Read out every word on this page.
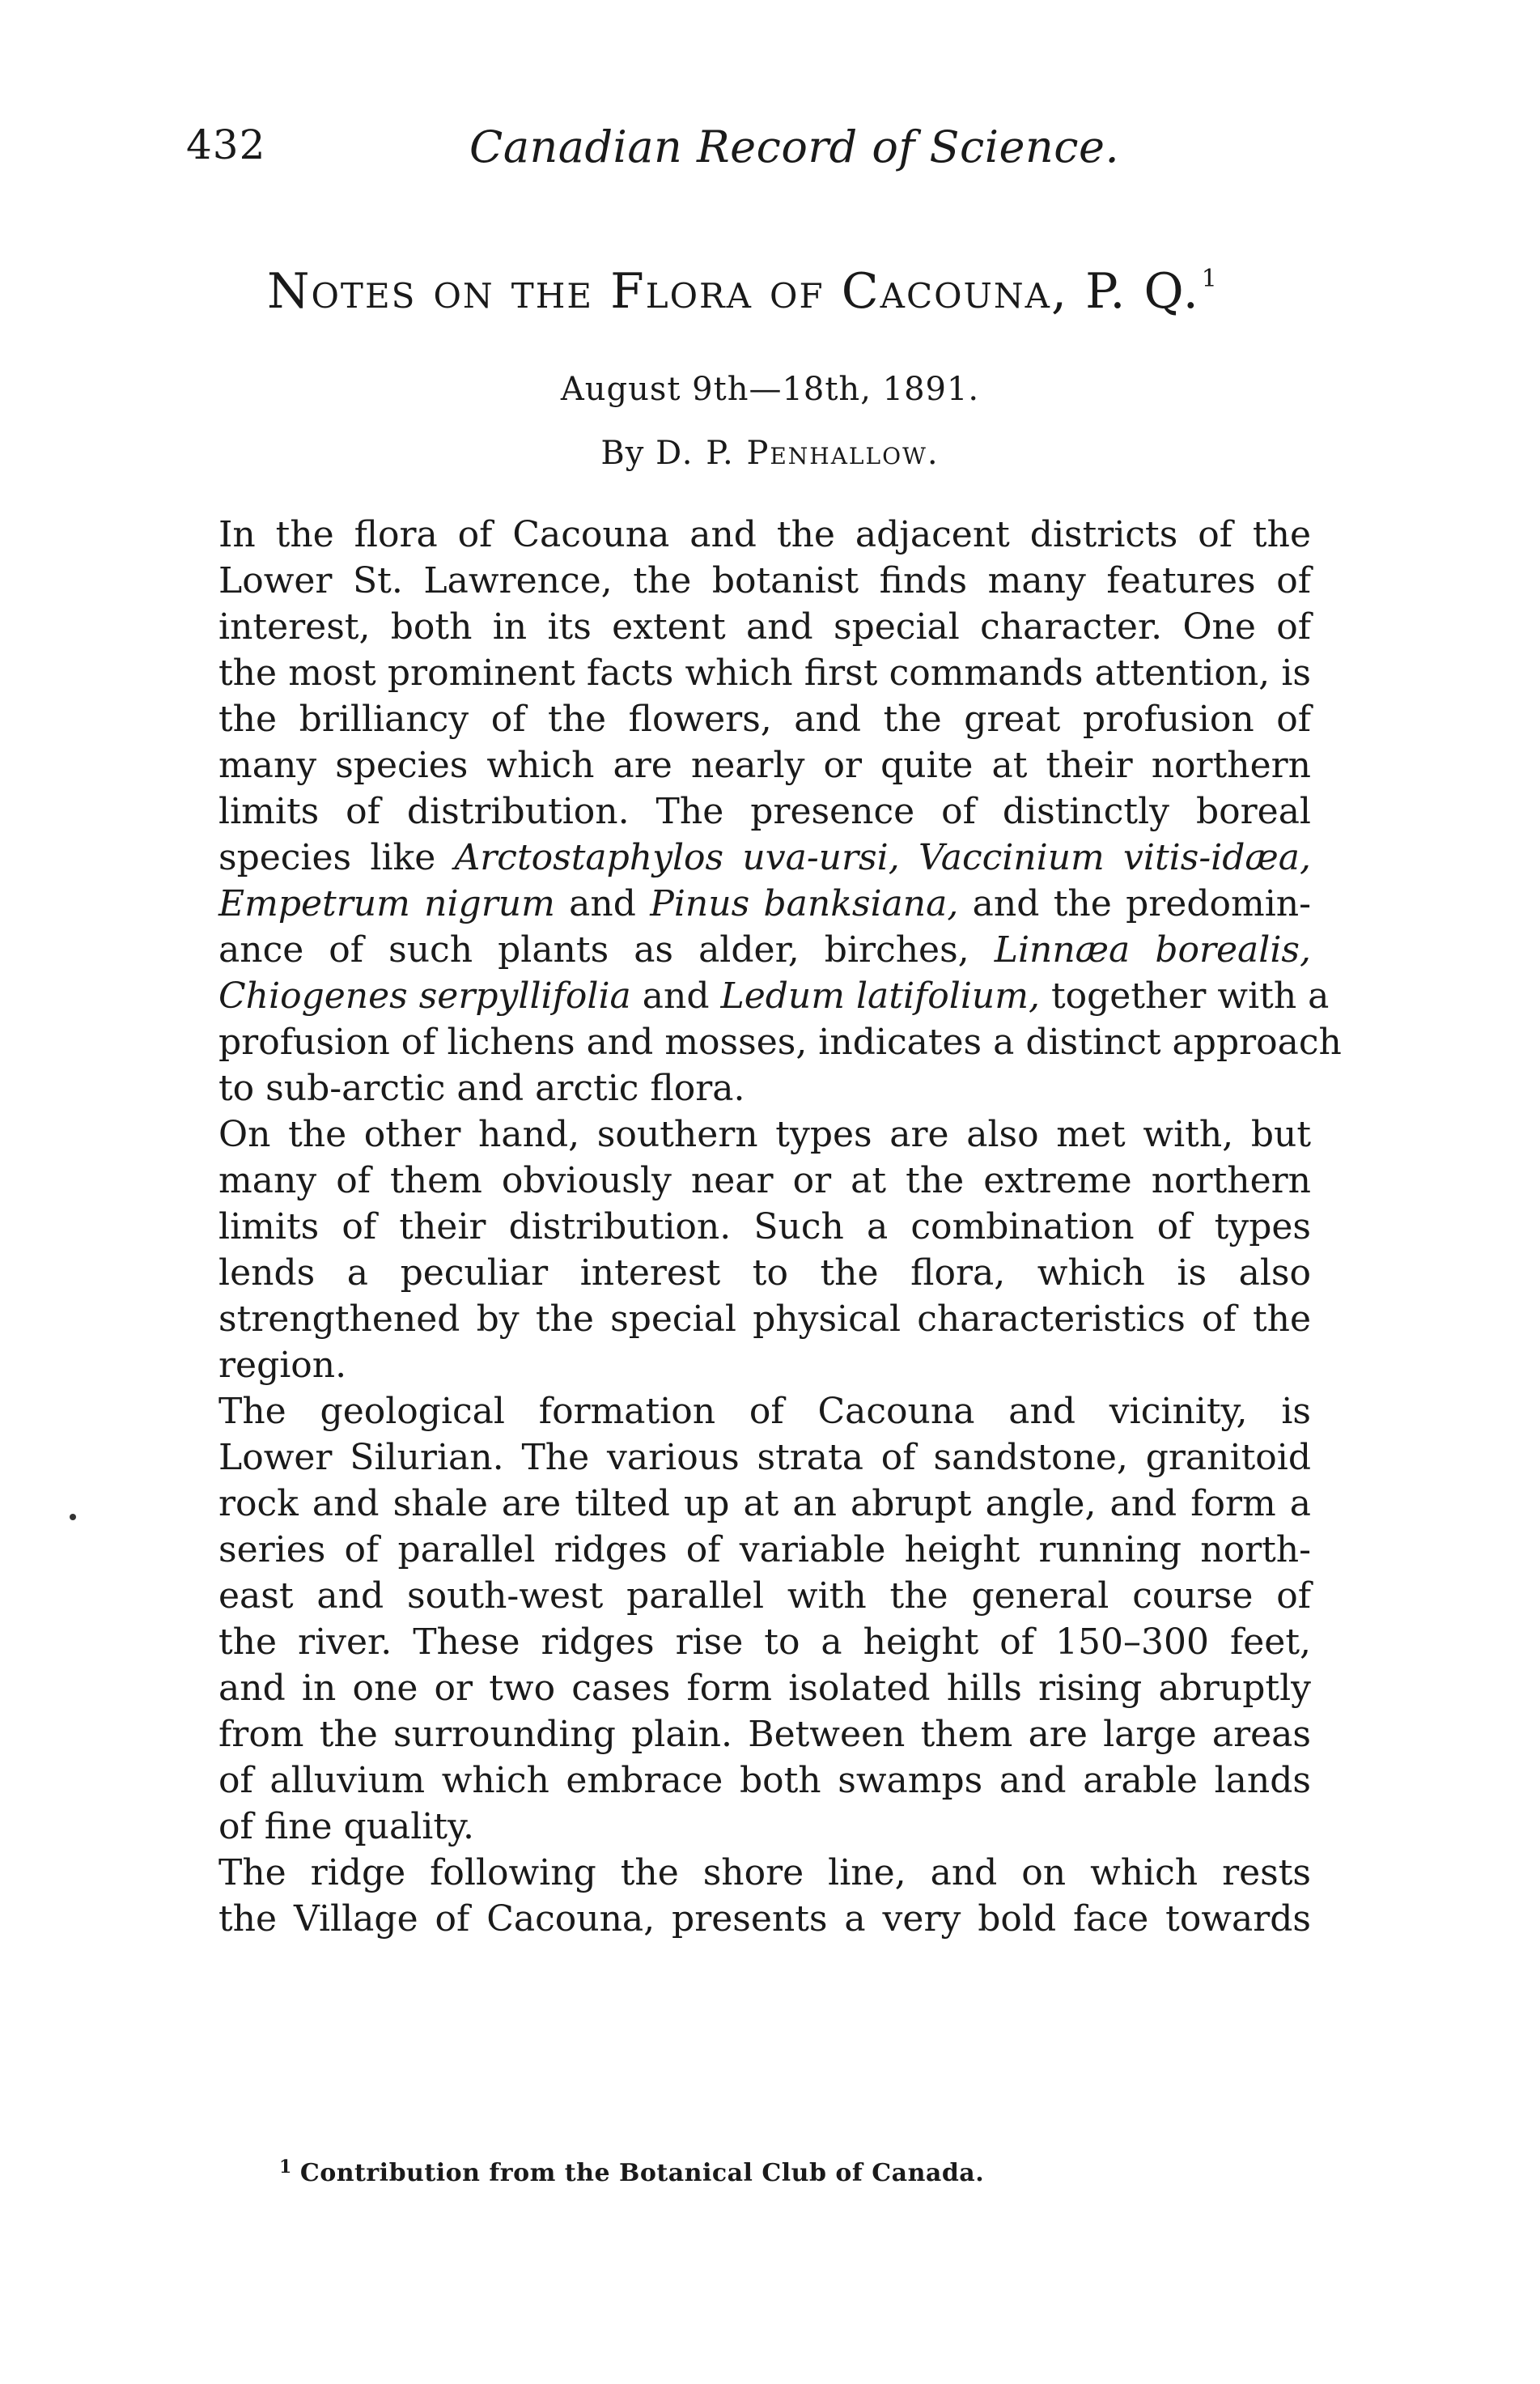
432	Canadian Record of Science.
Notes on the Flora of Cacouna, P. Q.$^1$
August 9th—18th, 1891.
By D. P. Penhallow.
In the flora of Cacouna and the adjacent districts of the
Lower St. Lawrence, the botanist finds many features of
interest, both in its extent and special character. One of
the most prominent facts which first commands attention, is
the brilliancy of the flowers, and the great profusion of
many species which are nearly or quite at their northern
limits of distribution. The presence of distinctly boreal
species like Arctostaphylos uva-ursi, Vaccinium vitis-idæa,
Empetrum nigrum and Pinus banksiana, and the predomin-
ance of such plants as alder, birches, Linnæa borealis,
Chiogenes serpyllifolia and Ledum latifolium, together with a
profusion of lichens and mosses, indicates a distinct approach
to sub-arctic and arctic flora.
On the other hand, southern types are also met with, but
many of them obviously near or at the extreme northern
limits of their distribution. Such a combination of types
lends a peculiar interest to the flora, which is also
strengthened by the special physical characteristics of the
region.
The geological formation of Cacouna and vicinity, is
Lower Silurian. The various strata of sandstone, granitoid
rock and shale are tilted up at an abrupt angle, and form a
series of parallel ridges of variable height running north-
east and south-west parallel with the general course of
the river. These ridges rise to a height of 150–300 feet,
and in one or two cases form isolated hills rising abruptly
from the surrounding plain. Between them are large areas
of alluvium which embrace both swamps and arable lands
of fine quality.
The ridge following the shore line, and on which rests
the Village of Cacouna, presents a very bold face towards
$^1$ Contribution from the Botanical Club of Canada.
